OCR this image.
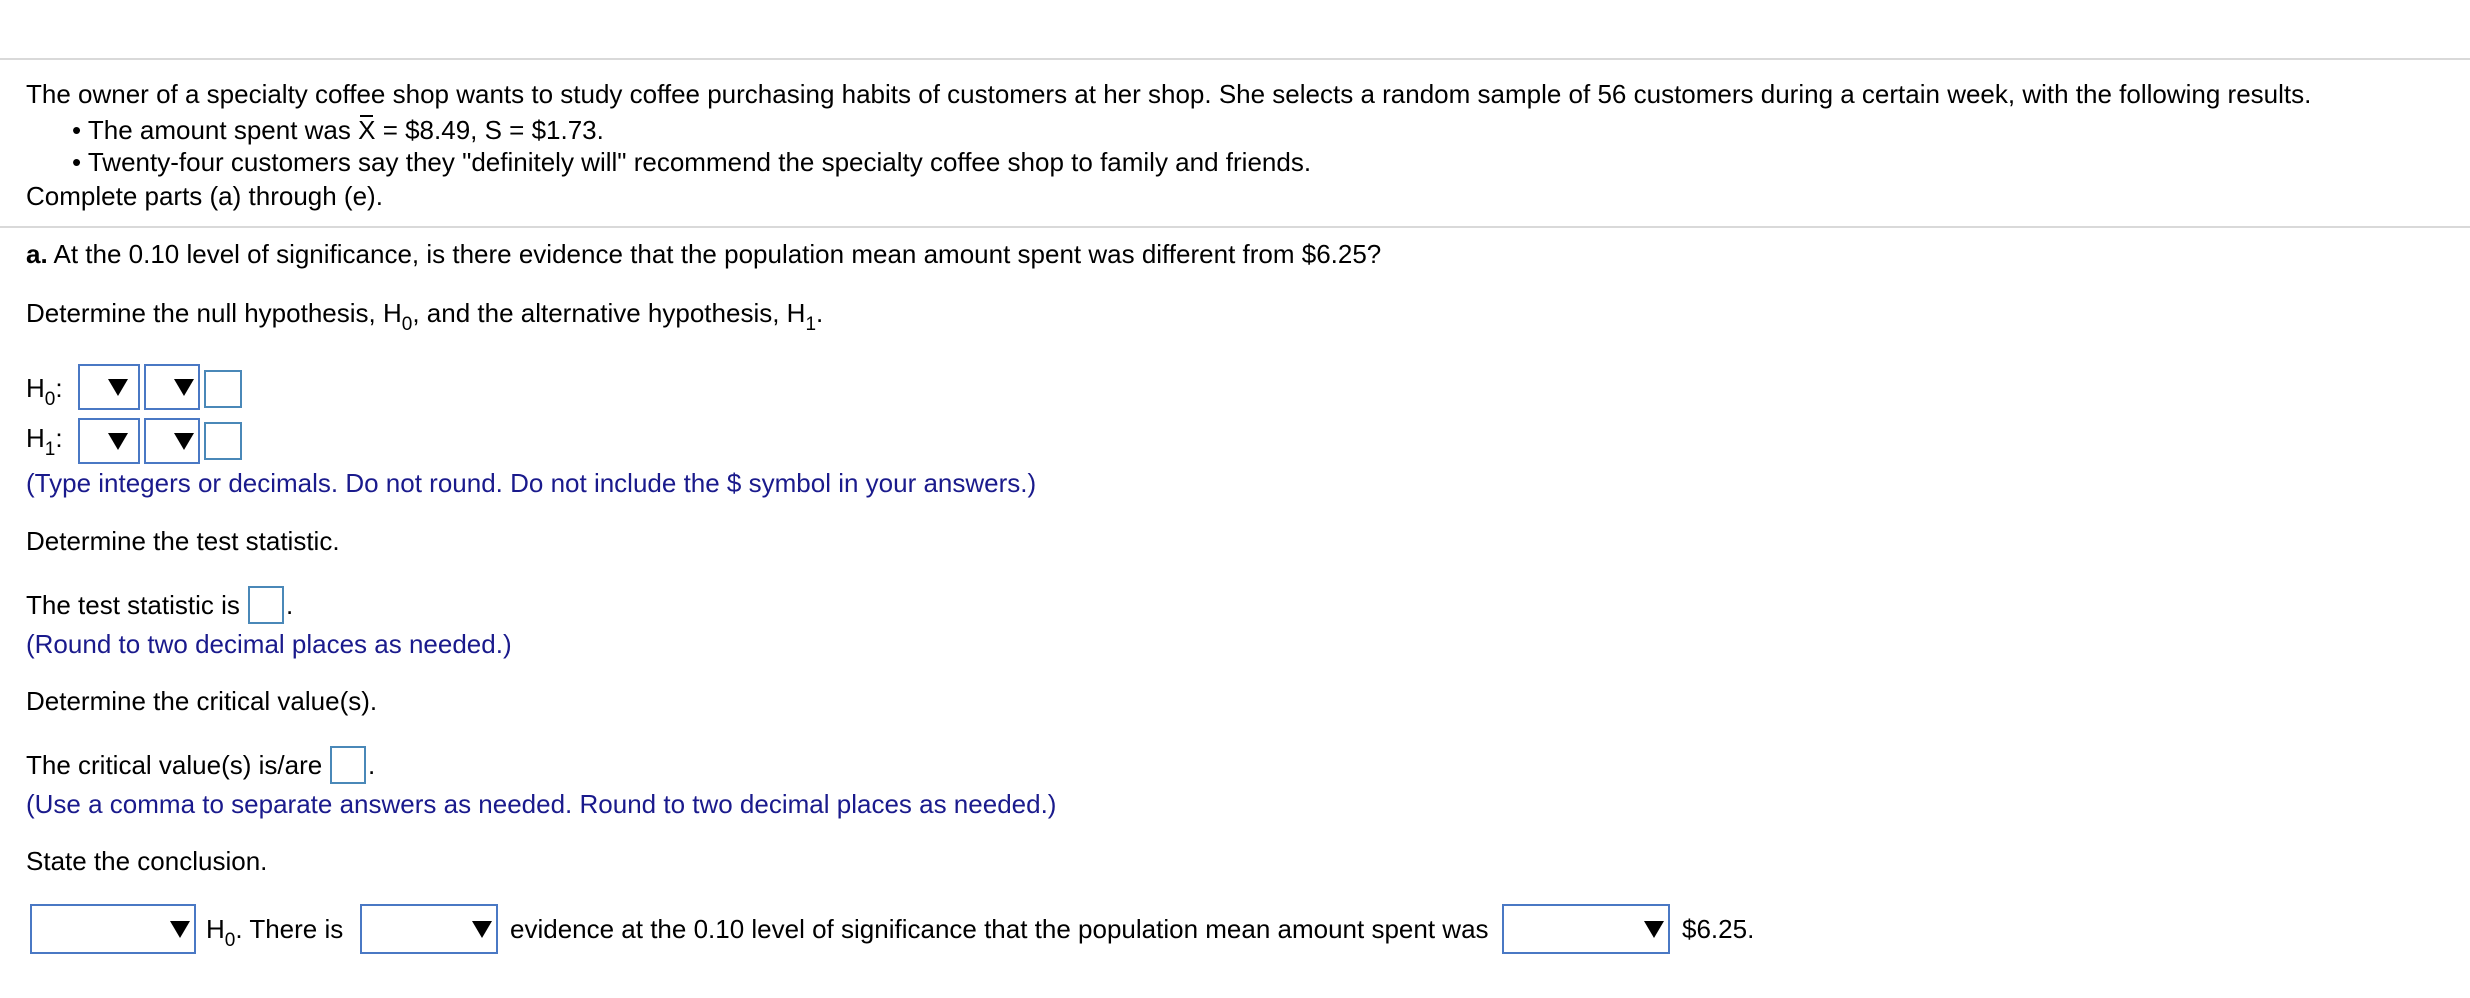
The owner of a specialty coffee shop wants to study coffee purchasing habits of customers at her shop. She selects a random sample of 56 customers during a certain week, with the following results.
• The amount spent was X = $8.49, S = $1.73.
• Twenty-four customers say they "definitely will" recommend the specialty coffee shop to family and friends.
Complete parts (a) through (e).
a. At the 0.10 level of significance, is there evidence that the population mean amount spent was different from $6.25?
Determine the null hypothesis, $H_0$, and the alternative hypothesis, $H_1$.
$H_0$:
$H_1$:
(Type integers or decimals. Do not round. Do not include the $ symbol in your answers.)
Determine the test statistic.
The test statistic is .
(Round to two decimal places as needed.)
Determine the critical value(s).
The critical value(s) is/are .
(Use a comma to separate answers as needed. Round to two decimal places as needed.)
State the conclusion.
$H_0$. There is	evidence at the 0.10 level of significance that the population mean amount spent was	$6.25.
